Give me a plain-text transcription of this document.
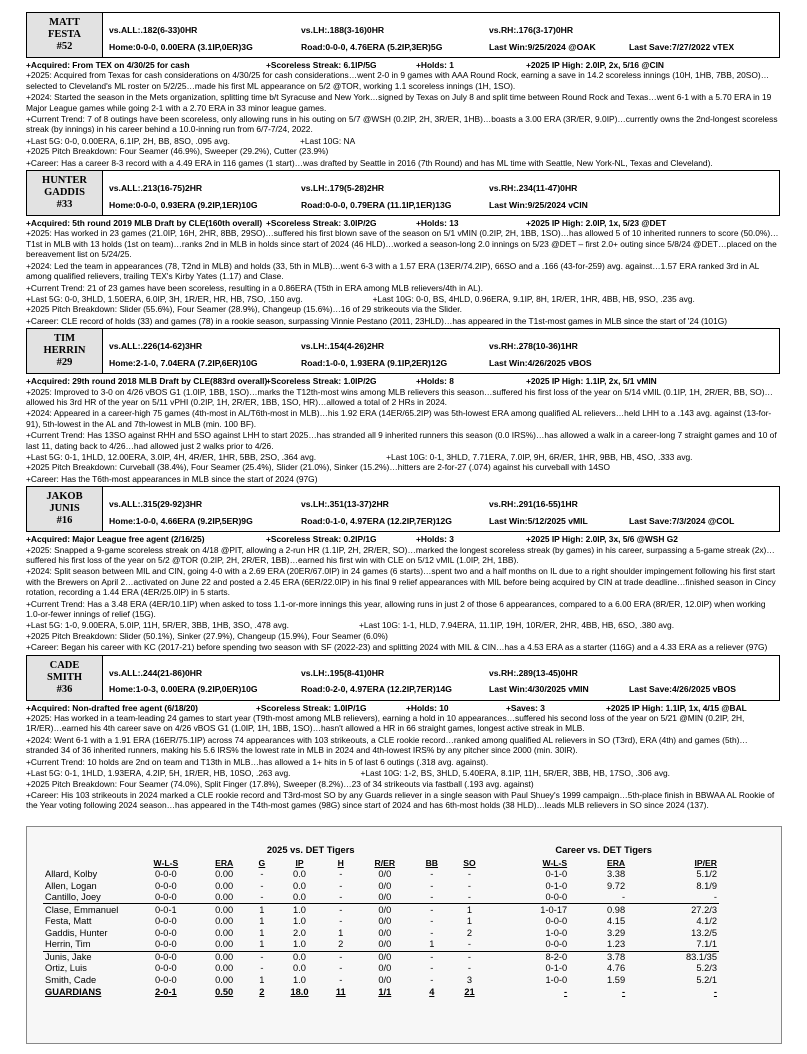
MATT
FESTA
#52
vs.ALL:.182(6-33)0HR	vs.LH:.188(3-16)0HR	vs.RH:.176(3-17)0HR
Home:0-0-0, 0.00ERA (3.1IP,0ER)3G	Road:0-0-0, 4.76ERA (5.2IP,3ER)5G	Last Win:9/25/2024 @OAK	Last Save:7/27/2022 vTEX
+Acquired: From TEX on 4/30/25 for cash	+Scoreless Streak: 6.1IP/5G	+Holds: 1	+2025 IP High: 2.0IP, 2x, 5/16 @CIN
+2025: Acquired from Texas for cash considerations on 4/30/25 for cash considerations…went 2-0 in 9 games with AAA Round Rock, earning a save in 14.2 scoreless innings (10H, 1HB, 7BB, 20SO)…selected to Cleveland's ML roster on 5/2/25…made his first ML appearance on 5/2 @TOR, working 1.1 scoreless innings (1H, 1SO).
+2024: Started the season in the Mets organization, splitting time b/t Syracuse and New York…signed by Texas on July 8 and split time between Round Rock and Texas…went 6-1 with a 5.70 ERA in 19 Major League games while going 2-1 with a 2.70 ERA in 33 minor league games.
+Current Trend: 7 of 8 outings have been scoreless, only allowing runs in his outing on 5/7 @WSH (0.2IP, 2H, 3R/ER, 1HB)…boasts a 3.00 ERA (3R/ER, 9.0IP)…currently owns the 2nd-longest scoreless streak (by innings) in his career behind a 10.0-inning run from 6/7-7/24, 2022.
+Last 5G: 0-0, 0.00ERA, 6.1IP, 2H, BB, 8SO, .095 avg.	+Last 10G: NA
+2025 Pitch Breakdown: Four Seamer (46.9%), Sweeper (29.2%), Cutter (23.9%)
+Career: Has a career 8-3 record with a 4.49 ERA in 116 games (1 start)…was drafted by Seattle in 2016 (7th Round) and has ML time with Seattle, New York-NL, Texas and Cleveland).
HUNTER
GADDIS
#33
vs.ALL:.213(16-75)2HR	vs.LH:.179(5-28)2HR	vs.RH:.234(11-47)0HR
Home:0-0-0, 0.93ERA (9.2IP,1ER)10G	Road:0-0-0, 0.79ERA (11.1IP,1ER)13G	Last Win:9/25/2024 vCIN
+Acquired: 5th round 2019 MLB Draft by CLE(160th overall) +Scoreless Streak: 3.0IP/2G	+Holds: 13	+2025 IP High: 2.0IP, 1x, 5/23 @DET
+2025: Has worked in 23 games (21.0IP, 16H, 2HR, 8BB, 29SO)…suffered his first blown save of the season on 5/1 vMIN (0.2IP, 2H, 1BB, 1SO)…has allowed 5 of 10 inherited runners to score (50.0%)…T1st in MLB with 13 holds (1st on team)…ranks 2nd in MLB in holds since start of 2024 (46 HLD)…worked a season-long 2.0 innings on 5/23 @DET – first 2.0+ outing since 5/8/24 @DET…placed on the bereavement list on 5/24/25.
+2024: Led the team in appearances (78, T2nd in MLB) and holds (33, 5th in MLB)…went 6-3 with a 1.57 ERA (13ER/74.2IP), 66SO and a .166 (43-for-259) avg. against…1.57 ERA ranked 3rd in AL among qualified relievers, trailing TEX's Kirby Yates (1.17) and Clase.
+Current Trend: 21 of 23 games have been scoreless, resulting in a 0.86ERA (T5th in ERA among MLB relievers/4th in AL).
+Last 5G: 0-0, 3HLD, 1.50ERA, 6.0IP, 3H, 1R/ER, HR, HB, 7SO, .150 avg.	+Last 10G: 0-0, BS, 4HLD, 0.96ERA, 9.1IP, 8H, 1R/ER, 1HR, 4BB, HB, 9SO, .235 avg.
+2025 Pitch Breakdown: Slider (55.6%), Four Seamer (28.9%), Changeup (15.6%)…16 of 29 strikeouts via the Slider.
+Career: CLE record of holds (33) and games (78) in a rookie season, surpassing Vinnie Pestano (2011, 23HLD)…has appeared in the T1st-most games in MLB since the start of '24 (101G)
TIM
HERRIN
#29
vs.ALL:.226(14-62)3HR	vs.LH:.154(4-26)2HR	vs.RH:.278(10-36)1HR
Home:2-1-0, 7.04ERA (7.2IP,6ER)10G	Road:1-0-0, 1.93ERA (9.1IP,2ER)12G	Last Win:4/26/2025 vBOS
+Acquired: 29th round 2018 MLB Draft by CLE(883rd overall)
+Scoreless Streak: 1.0IP/2G	+Holds: 8	+2025 IP High: 1.1IP, 2x, 5/1 vMIN
+2025: Improved to 3-0 on 4/26 vBOS G1 (1.0IP, 1BB, 1SO)…marks the T12th-most wins among MLB relievers this season…suffered his first loss of the year on 5/14 vMIL (0.1IP, 1H, 2R/ER, BB, SO)…allowed his 3rd HR of the year on 5/11 vPHI (0.2IP, 1H, 2R/ER, 1BB, 1SO, HR)…allowed a total of 2 HRs in 2024.
+2024: Appeared in a career-high 75 games (4th-most in AL/T6th-most in MLB)…his 1.92 ERA (14ER/65.2IP) was 5th-lowest ERA among qualified AL relievers…held LHH to a .143 avg. against (13-for-91), 5th-lowest in the AL and 7th-lowest in MLB (min. 100 BF).
+Current Trend: Has 13SO against RHH and 5SO against LHH to start 2025…has stranded all 9 inherited runners this season (0.0 IRS%)…has allowed a walk in a career-long 7 straight games and 10 of last 11, dating back to 4/26…had allowed just 2 walks prior to 4/26.
+Last 5G: 0-1, 1HLD, 12.00ERA, 3.0IP, 4H, 4R/ER, 1HR, 5BB, 2SO, .364 avg.	+Last 10G: 0-1, 3HLD, 7.71ERA, 7.0IP, 9H, 6R/ER, 1HR, 9BB, HB, 4SO, .333 avg.
+2025 Pitch Breakdown: Curveball (38.4%), Four Seamer (25.4%), Slider (21.0%), Sinker (15.2%)…hitters are 2-for-27 (.074) against his curveball with 14SO
+Career: Has the T6th-most appearances in MLB since the start of 2024 (97G)
JAKOB
JUNIS
#16
vs.ALL:.315(29-92)3HR	vs.LH:.351(13-37)2HR	vs.RH:.291(16-55)1HR
Home:1-0-0, 4.66ERA (9.2IP,5ER)9G	Road:0-1-0, 4.97ERA (12.2IP,7ER)12G	Last Win:5/12/2025 vMIL	Last Save:7/3/2024 @COL
+Acquired: Major League free agent (2/16/25)	+Scoreless Streak: 0.2IP/1G	+Holds: 3	+2025 IP High: 2.0IP, 3x, 5/6 @WSH G2
+2025: Snapped a 9-game scoreless streak on 4/18 @PIT, allowing a 2-run HR (1.1IP, 2H, 2R/ER, SO)…marked the longest scoreless streak (by games) in his career, surpassing a 5-game streak (2x)…suffered his first loss of the year on 5/2 @TOR (0.2IP, 2H, 2R/ER, 1BB)…earned his first win with CLE on 5/12 vMIL (1.0IP, 2H, 1BB).
+2024: Split season between MIL and CIN, going 4-0 with a 2.69 ERA (20ER/67.0IP) in 24 games (6 starts)…spent two and a half months on IL due to a right shoulder impingement following his first start with the Brewers on April 2…activated on June 22 and posted a 2.45 ERA (6ER/22.0IP) in his final 9 relief appearances with MIL before being acquired by CIN at trade deadline…finished season in Cincy rotation, recording a 1.44 ERA (4ER/25.0IP) in 5 starts.
+Current Trend: Has a 3.48 ERA (4ER/10.1IP) when asked to toss 1.1-or-more innings this year, allowing runs in just 2 of those 6 appearances, compared to a 6.00 ERA (8R/ER, 12.0IP) when working 1.0-or-fewer innings of relief (15G).
+Last 5G: 1-0, 9.00ERA, 5.0IP, 11H, 5R/ER, 3BB, 1HB, 3SO, .478 avg.	+Last 10G: 1-1, HLD, 7.94ERA, 11.1IP, 19H, 10R/ER, 2HR, 4BB, HB, 6SO, .380 avg.
+2025 Pitch Breakdown: Slider (50.1%), Sinker (27.9%), Changeup (15.9%), Four Seamer (6.0%)
+Career: Began his career with KC (2017-21) before spending two season with SF (2022-23) and splitting 2024 with MIL & CIN…has a 4.53 ERA as a starter (116G) and a 4.33 ERA as a reliever (97G)
CADE
SMITH
#36
vs.ALL:.244(21-86)0HR	vs.LH:.195(8-41)0HR	vs.RH:.289(13-45)0HR
Home:1-0-3, 0.00ERA (9.2IP,0ER)10G	Road:0-2-0, 4.97ERA (12.2IP,7ER)14G	Last Win:4/30/2025 vMIN	Last Save:4/26/2025 vBOS
+Acquired: Non-drafted free agent (6/18/20)	+Scoreless Streak: 1.0IP/1G	+Holds: 10	+Saves: 3	+2025 IP High: 1.1IP, 1x, 4/15 @BAL
+2025: Has worked in a team-leading 24 games to start year (T9th-most among MLB relievers), earning a hold in 10 appearances…suffered his second loss of the year on 5/21 @MIN (0.2IP, 2H, 1R/ER)…earned his 4th career save on 4/26 vBOS G1 (1.0IP, 1H, 1BB, 1SO)…hasn't allowed a HR in 66 straight games, longest active streak in MLB.
+2024: Went 6-1 with a 1.91 ERA (16ER/75.1IP) across 74 appearances with 103 strikeouts, a CLE rookie record…ranked among qualified AL relievers in SO (T3rd), ERA (4th) and games (5th)…stranded 34 of 36 inherited runners, making his 5.6 IRS% the lowest rate in MLB in 2024 and 4th-lowest IRS% by any pitcher since 2000 (min. 30IR).
+Current Trend: 10 holds are 2nd on team and T13th in MLB…has allowed a 1+ hits in 5 of last 6 outings (.318 avg. against).
+Last 5G: 0-1, 1HLD, 1.93ERA, 4.2IP, 5H, 1R/ER, HB, 10SO, .263 avg.	+Last 10G: 1-2, BS, 3HLD, 5.40ERA, 8.1IP, 11H, 5R/ER, 3BB, HB, 17SO, .306 avg.
+2025 Pitch Breakdown: Four Seamer (74.0%), Split Finger (17.8%), Sweeper (8.2%)…23 of 34 strikeouts via fastball (.193 avg. against)
+Career: His 103 strikeouts in 2024 marked a CLE rookie record and T3rd-most SO by any Guards reliever in a single season with Paul Shuey's 1999 campaign…5th-place finish in BBWAA AL Rookie of the Year voting following 2024 season…has appeared in the T4th-most games (98G) since start of 2024 and has 6th-most holds (38 HLD)…leads MLB relievers in SO since 2024 (137).
	2025 vs. DET Tigers								Career vs. DET Tigers		
	W-L-S	ERA	G	IP	H	R/ER	BB	SO	W-L-S	ERA	IP/ER
Allard, Kolby	0-0-0	0.00	-	0.0	-	0/0	-	-	0-1-0	3.38	5.1/2
Allen, Logan	0-0-0	0.00	-	0.0	-	0/0	-	-	0-1-0	9.72	8.1/9
Cantillo, Joey	0-0-0	0.00	-	0.0	-	0/0	-	-	0-0-0	-	-
Clase, Emmanuel	0-0-1	0.00	1	1.0	-	0/0	-	1	1-0-17	0.98	27.2/3
Festa, Matt	0-0-0	0.00	1	1.0	-	0/0	-	1	0-0-0	4.15	4.1/2
Gaddis, Hunter	0-0-0	0.00	1	2.0	1	0/0	-	2	1-0-0	3.29	13.2/5
Herrin, Tim	0-0-0	0.00	1	1.0	2	0/0	1	-	0-0-0	1.23	7.1/1
Junis, Jake	0-0-0	0.00	-	0.0	-	0/0	-	-	8-2-0	3.78	83.1/35
Ortiz, Luis	0-0-0	0.00	-	0.0	-	0/0	-	-	0-1-0	4.76	5.2/3
Smith, Cade	0-0-0	0.00	1	1.0	-	0/0	-	3	1-0-0	1.59	5.2/1
GUARDIANS	2-0-1	0.50	2	18.0	11	1/1	4	21	-	-	-
